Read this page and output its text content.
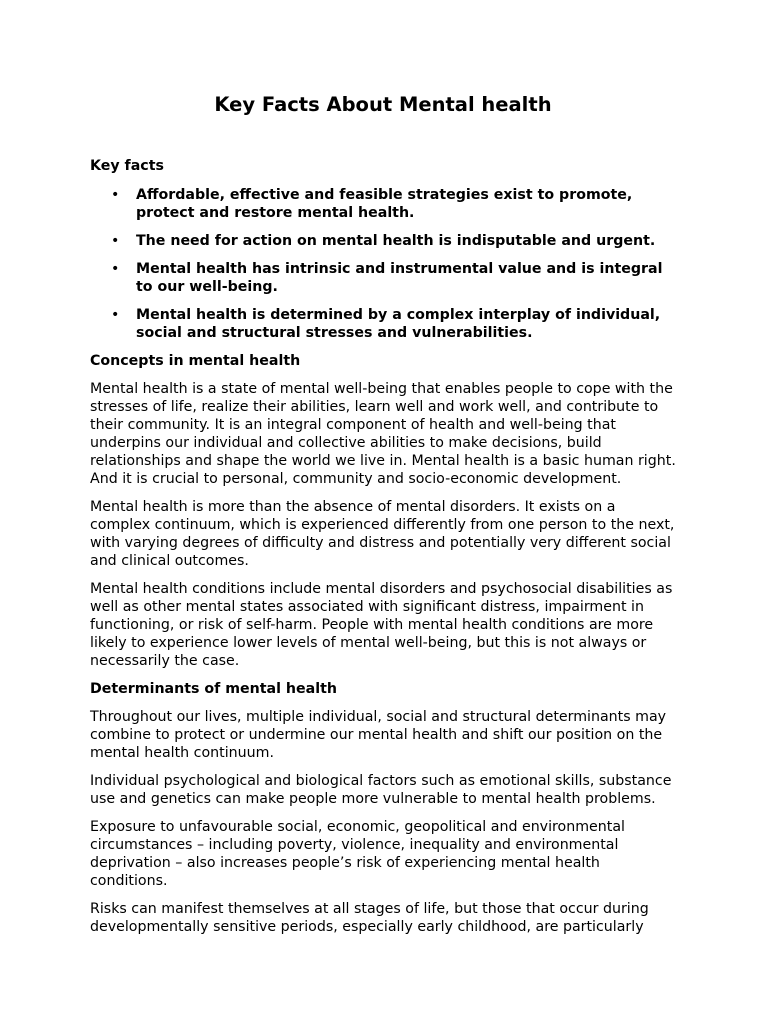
Key Facts About Mental health

Key facts

• Affordable, effective and feasible strategies exist to promote, protect and restore mental health.
• The need for action on mental health is indisputable and urgent.
• Mental health has intrinsic and instrumental value and is integral to our well-being.
• Mental health is determined by a complex interplay of individual, social and structural stresses and vulnerabilities.

Concepts in mental health

Mental health is a state of mental well-being that enables people to cope with the stresses of life, realize their abilities, learn well and work well, and contribute to their community. It is an integral component of health and well-being that underpins our individual and collective abilities to make decisions, build relationships and shape the world we live in. Mental health is a basic human right. And it is crucial to personal, community and socio-economic development.

Mental health is more than the absence of mental disorders. It exists on a complex continuum, which is experienced differently from one person to the next, with varying degrees of difficulty and distress and potentially very different social and clinical outcomes.

Mental health conditions include mental disorders and psychosocial disabilities as well as other mental states associated with significant distress, impairment in functioning, or risk of self-harm. People with mental health conditions are more likely to experience lower levels of mental well-being, but this is not always or necessarily the case.

Determinants of mental health

Throughout our lives, multiple individual, social and structural determinants may combine to protect or undermine our mental health and shift our position on the mental health continuum.

Individual psychological and biological factors such as emotional skills, substance use and genetics can make people more vulnerable to mental health problems.

Exposure to unfavourable social, economic, geopolitical and environmental circumstances – including poverty, violence, inequality and environmental deprivation – also increases people’s risk of experiencing mental health conditions.

Risks can manifest themselves at all stages of life, but those that occur during developmentally sensitive periods, especially early childhood, are particularly
